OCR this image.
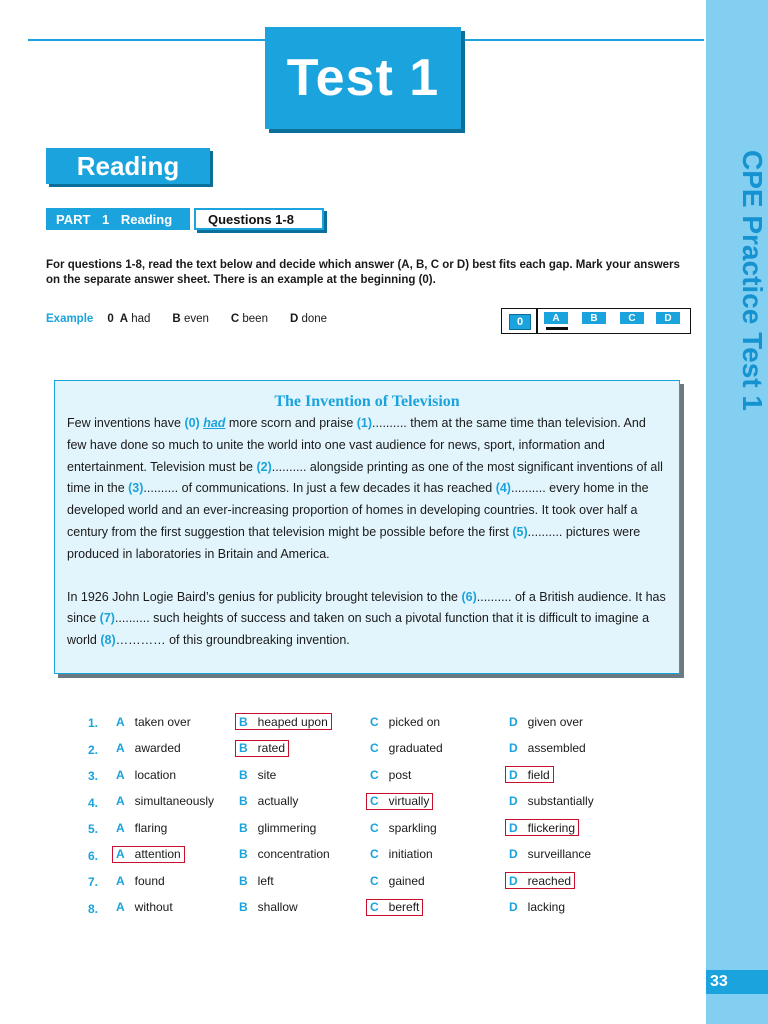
Test 1
CPE Practice Test 1
33
Reading
PART 1 Reading	Questions 1-8
For questions 1-8, read the text below and decide which answer (A, B, C or D) best fits each gap. Mark your answers on the separate answer sheet. There is an example at the beginning (0).
Example 0 A had B even C been D done	0	A	B	C	D
The Invention of Television
Few inventions have (0) had more scorn and praise (1).......... them at the same time than television. And few have done so much to unite the world into one vast audience for news, sport, information and entertainment. Television must be (2).......... alongside printing as one of the most significant inventions of all time in the (3).......... of communications. In just a few decades it has reached (4).......... every home in the developed world and an ever-increasing proportion of homes in developing countries. It took over half a century from the first suggestion that television might be possible before the first (5).......... pictures were produced in laboratories in Britain and America.
In 1926 John Logie Baird’s genius for publicity brought television to the (6).......... of a British audience. It has since (7).......... such heights of success and taken on such a pivotal function that it is difficult to imagine a world (8)………… of this groundbreaking invention.
1. A taken over	B heaped upon	C picked on	D given over
2. A awarded	B rated	C graduated	D assembled
3. A location	B site	C post	D field
4. A simultaneously B actually	C virtually	D substantially
5. A flaring	B glimmering	C sparkling	D flickering
6. A attention	B concentration	C initiation	D surveillance
7. A found	B left	C gained	D reached
8. A without	B shallow	C bereft	D lacking
